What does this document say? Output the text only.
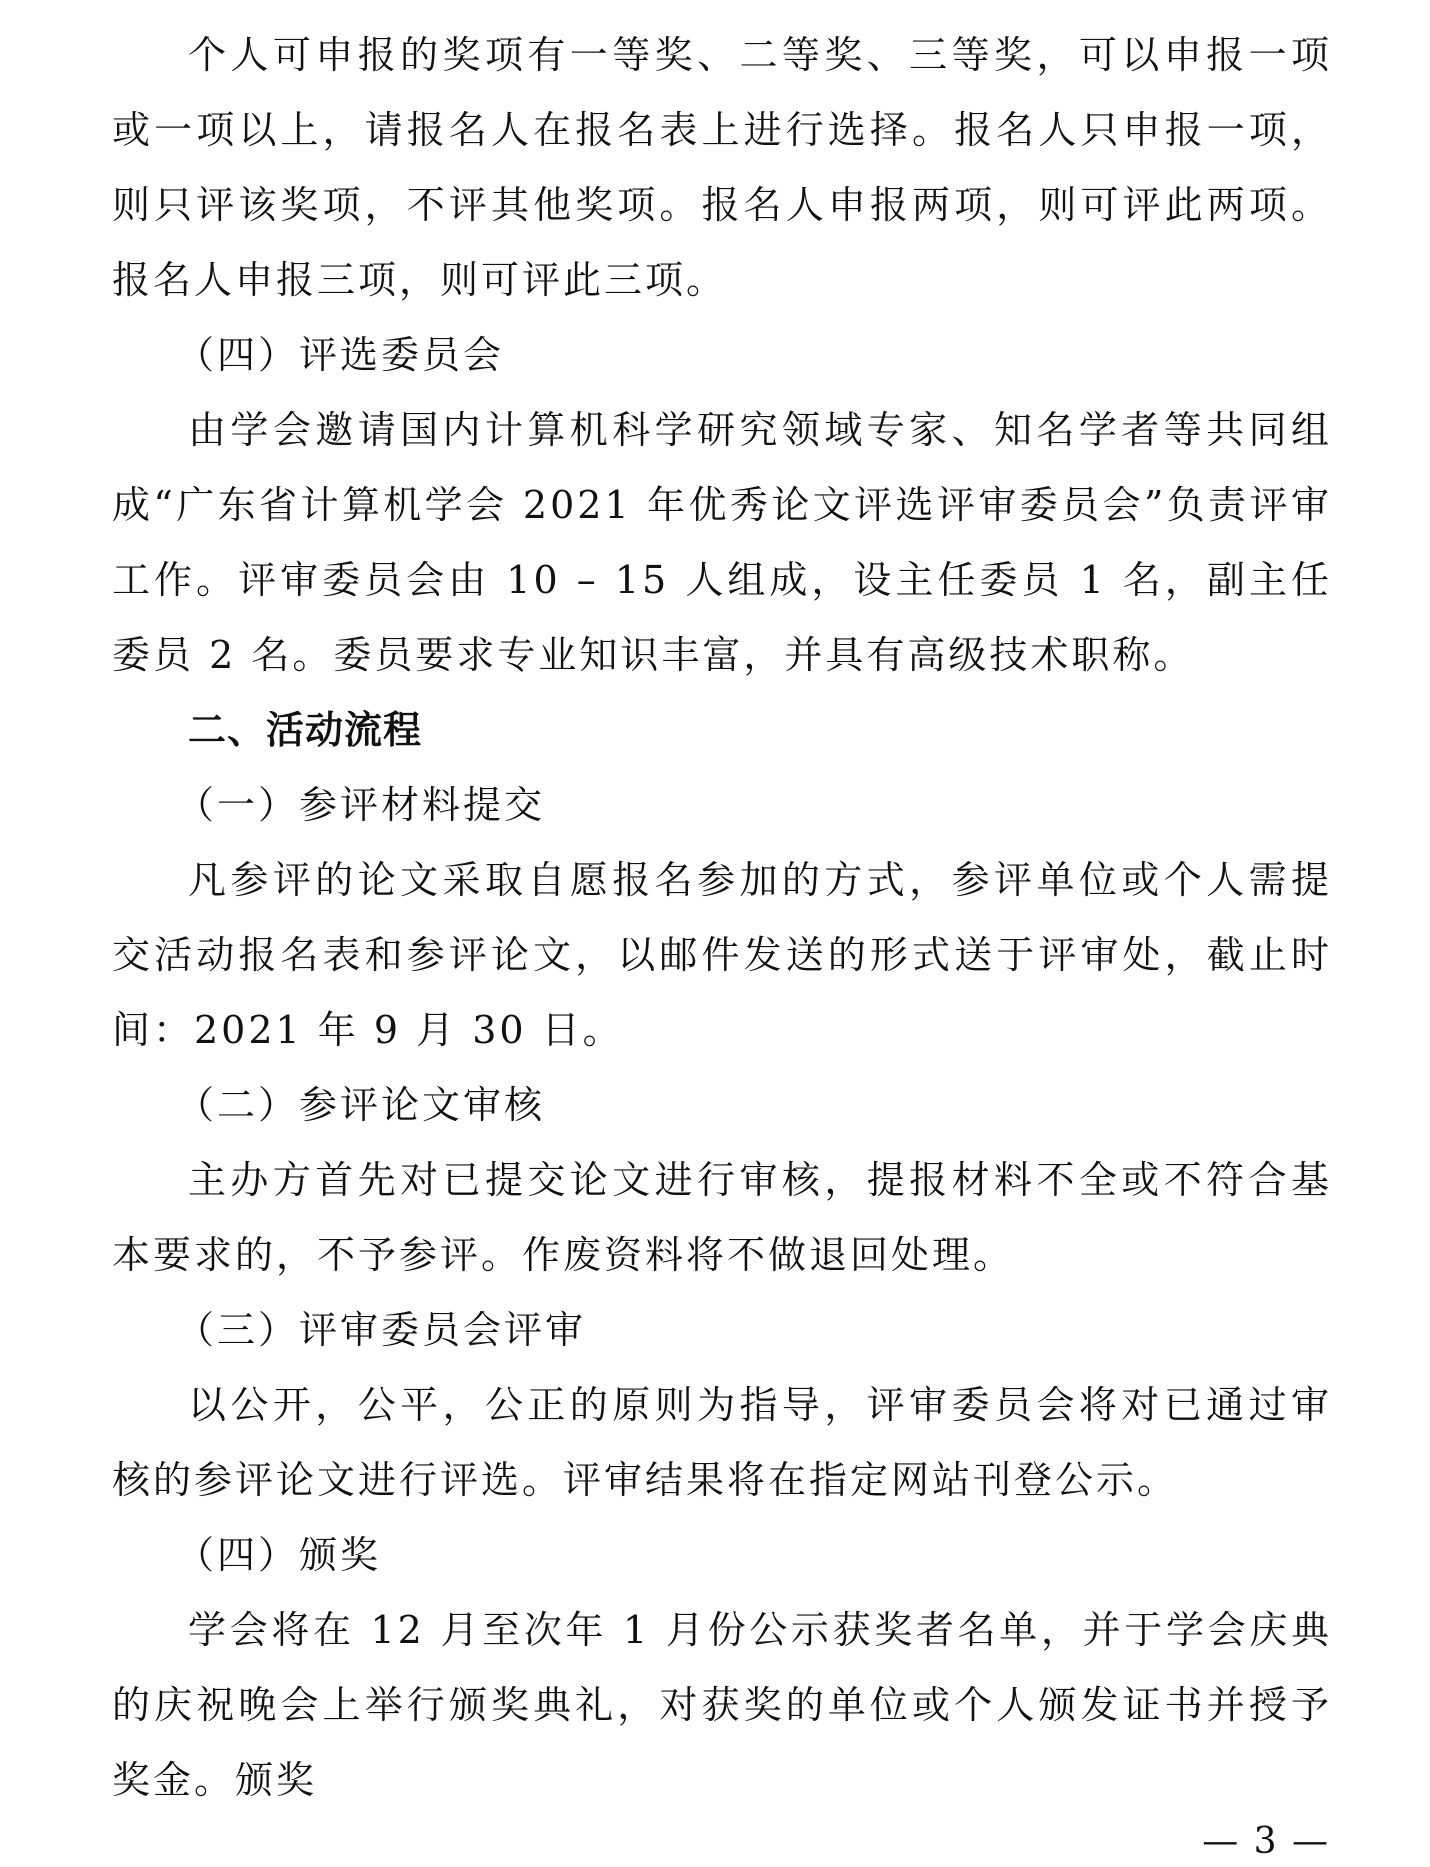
个人可申报的奖项有一等奖、二等奖、三等奖，可以申报一项或一项以上，请报名人在报名表上进行选择。报名人只申报一项，则只评该奖项，不评其他奖项。报名人申报两项，则可评此两项。报名人申报三项，则可评此三项。

（四）评选委员会

由学会邀请国内计算机科学研究领域专家、知名学者等共同组成“广东省计算机学会 2021 年优秀论文评选评审委员会”负责评审工作。评审委员会由 10 – 15 人组成，设主任委员 1 名，副主任委员 2 名。委员要求专业知识丰富，并具有高级技术职称。

二、活动流程

（一）参评材料提交

凡参评的论文采取自愿报名参加的方式，参评单位或个人需提交活动报名表和参评论文，以邮件发送的形式送于评审处，截止时间：2021 年 9 月 30 日。

（二）参评论文审核

主办方首先对已提交论文进行审核，提报材料不全或不符合基本要求的，不予参评。作废资料将不做退回处理。

（三）评审委员会评审

以公开，公平，公正的原则为指导，评审委员会将对已通过审核的参评论文进行评选。评审结果将在指定网站刊登公示。

（四）颁奖

学会将在 12 月至次年 1 月份公示获奖者名单，并于学会庆典的庆祝晚会上举行颁奖典礼，对获奖的单位或个人颁发证书并授予奖金。颁奖

— 3 —
